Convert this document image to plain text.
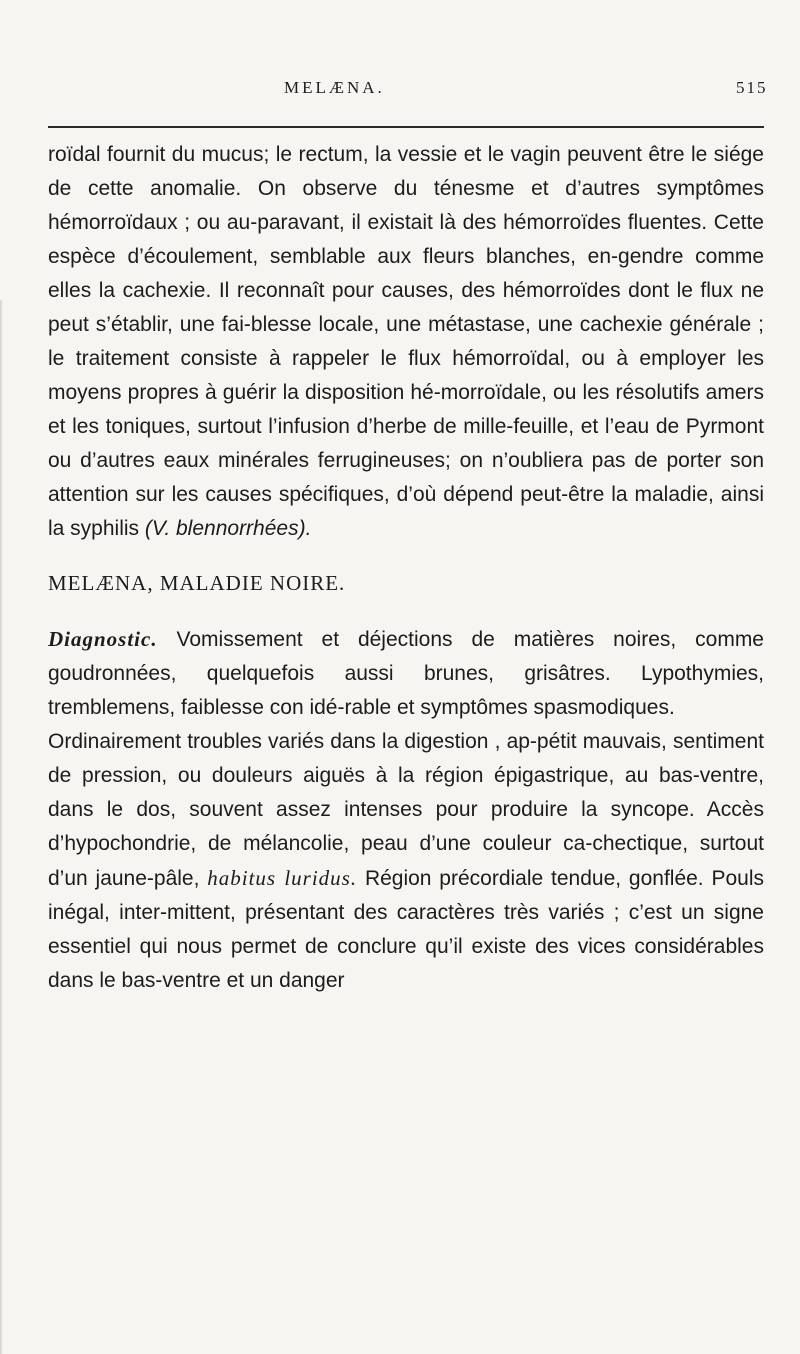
MELÆNA.	515

roïdal fournit du mucus; le rectum, la vessie et le vagin peuvent être le siége de cette anomalie. On observe du ténesme et d’autres symptômes hémorroïdaux ; ou au-paravant, il existait là des hémorroïdes fluentes. Cette espèce d’écoulement, semblable aux fleurs blanches, en-gendre comme elles la cachexie. Il reconnaît pour causes, des hémorroïdes dont le flux ne peut s’établir, une fai-blesse locale, une métastase, une cachexie générale ; le traitement consiste à rappeler le flux hémorroïdal, ou à employer les moyens propres à guérir la disposition hé-morroïdale, ou les résolutifs amers et les toniques, surtout l’infusion d’herbe de mille-feuille, et l’eau de Pyrmont ou d’autres eaux minérales ferrugineuses; on n’oubliera pas de porter son attention sur les causes spécifiques, d’où dépend peut-être la maladie, ainsi la syphilis (V. blennorrhées).

MELÆNA, MALADIE NOIRE.

Diagnostic. Vomissement et déjections de matières noires, comme goudronnées, quelquefois aussi brunes, grisâtres. Lypothymies, tremblemens, faiblesse con idé-rable et symptômes spasmodiques.

Ordinairement troubles variés dans la digestion , ap-pétit mauvais, sentiment de pression, ou douleurs aiguës à la région épigastrique, au bas-ventre, dans le dos, souvent assez intenses pour produire la syncope. Accès d’hypochondrie, de mélancolie, peau d’une couleur ca-chectique, surtout d’un jaune-pâle, habitus luridus. Région précordiale tendue, gonflée. Pouls inégal, inter-mittent, présentant des caractères très variés ; c’est un signe essentiel qui nous permet de conclure qu’il existe des vices considérables dans le bas-ventre et un danger
